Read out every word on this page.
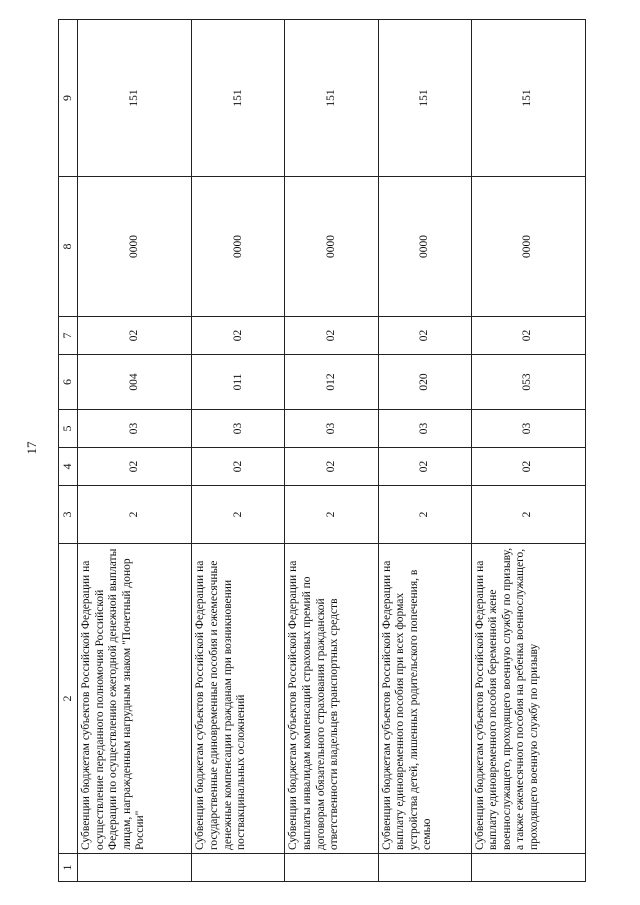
17
1	2	3	4	5	6	7	8	9
	Субвенции бюджетам субъектов Российской Федерации на осуществление переданного полномочия Российской Федерации по осуществлению ежегодной денежной выплаты лицам, награжденным нагрудным знаком "Почетный донор России"	2	02	03	004	02	0000	151
	Субвенции бюджетам субъектов Российской Федерации на государственные единовременные пособия и ежемесячные денежные компенсации гражданам при возникновении поствакцинальных осложнений	2	02	03	011	02	0000	151
	Субвенции бюджетам субъектов Российской Федерации на выплаты инвалидам компенсаций страховых премий по договорам обязательного страхования гражданской ответственности владельцев транспортных средств	2	02	03	012	02	0000	151
	Субвенции бюджетам субъектов Российской Федерации на выплату единовременного пособия при всех формах устройства детей, лишенных родительского попечения, в семью	2	02	03	020	02	0000	151
	Субвенции бюджетам субъектов Российской Федерации на выплату единовременного пособия беременной жене военнослужащего, проходящего военную службу по призыву, а также ежемесячного пособия на ребенка военнослужащего, проходящего военную службу по призыву	2	02	03	053	02	0000	151
